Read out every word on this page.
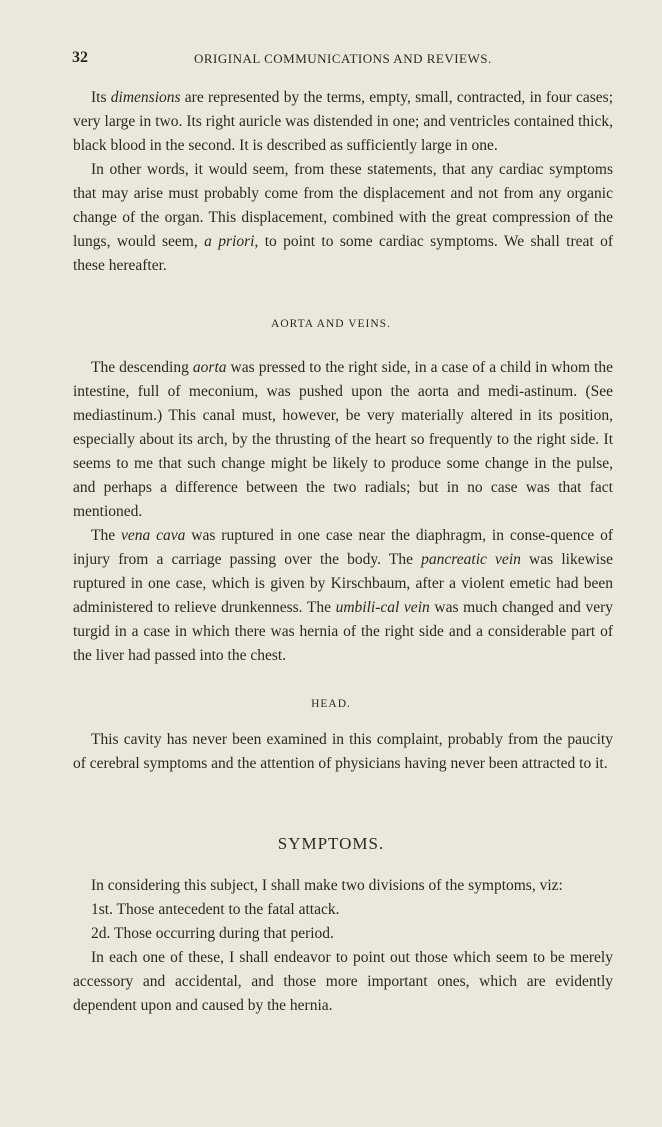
32	ORIGINAL COMMUNICATIONS AND REVIEWS.

Its dimensions are represented by the terms, empty, small, contracted, in four cases; very large in two. Its right auricle was distended in one; and ventricles contained thick, black blood in the second. It is described as sufficiently large in one.

In other words, it would seem, from these statements, that any cardiac symptoms that may arise must probably come from the displacement and not from any organic change of the organ. This displacement, combined with the great compression of the lungs, would seem, a priori, to point to some cardiac symptoms. We shall treat of these hereafter.

AORTA AND VEINS.

The descending aorta was pressed to the right side, in a case of a child in whom the intestine, full of meconium, was pushed upon the aorta and medi-astinum. (See mediastinum.) This canal must, however, be very materially altered in its position, especially about its arch, by the thrusting of the heart so frequently to the right side. It seems to me that such change might be likely to produce some change in the pulse, and perhaps a difference between the two radials; but in no case was that fact mentioned.

The vena cava was ruptured in one case near the diaphragm, in conse-quence of injury from a carriage passing over the body. The pancreatic vein was likewise ruptured in one case, which is given by Kirschbaum, after a violent emetic had been administered to relieve drunkenness. The umbili-cal vein was much changed and very turgid in a case in which there was hernia of the right side and a considerable part of the liver had passed into the chest.

HEAD.

This cavity has never been examined in this complaint, probably from the paucity of cerebral symptoms and the attention of physicians having never been attracted to it.

SYMPTOMS.

In considering this subject, I shall make two divisions of the symptoms, viz:

1st. Those antecedent to the fatal attack.

2d. Those occurring during that period.

In each one of these, I shall endeavor to point out those which seem to be merely accessory and accidental, and those more important ones, which are evidently dependent upon and caused by the hernia.
